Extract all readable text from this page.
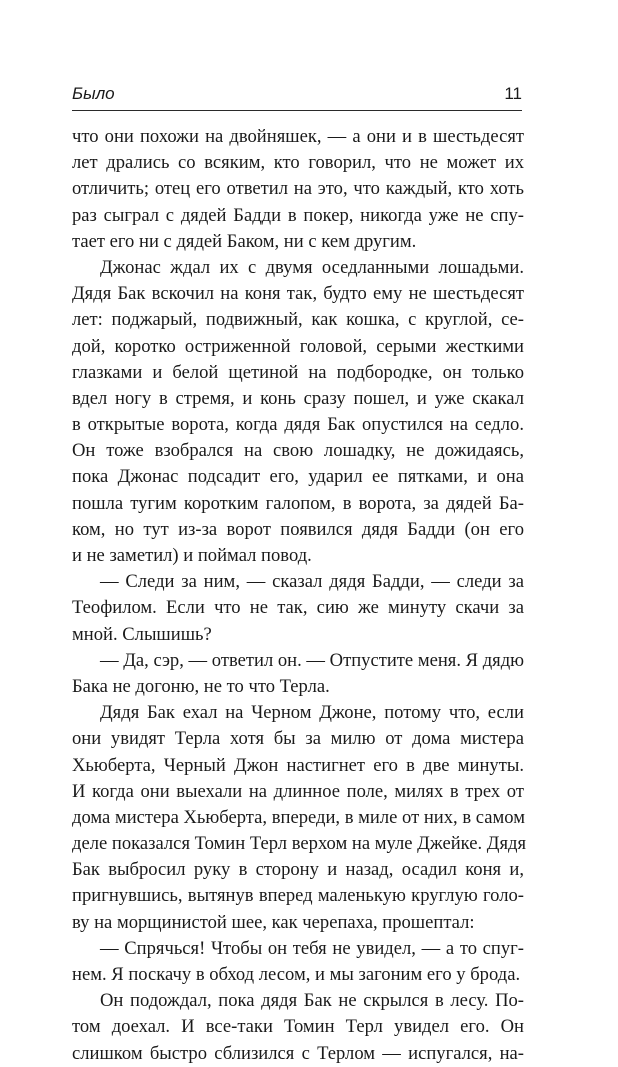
Было	11
что они похожи на двойняшек, — а они и в шестьдесят
лет дрались со всяким, кто говорил, что не может их
отличить; отец его ответил на это, что каждый, кто хоть
раз сыграл с дядей Бадди в покер, никогда уже не спу-
тает его ни с дядей Баком, ни с кем другим.
Джонас ждал их с двумя оседланными лошадьми.
Дядя Бак вскочил на коня так, будто ему не шестьдесят
лет: поджарый, подвижный, как кошка, с круглой, се-
дой, коротко остриженной головой, серыми жесткими
глазками и белой щетиной на подбородке, он только
вдел ногу в стремя, и конь сразу пошел, и уже скакал
в открытые ворота, когда дядя Бак опустился на седло.
Он тоже взобрался на свою лошадку, не дожидаясь,
пока Джонас подсадит его, ударил ее пятками, и она
пошла тугим коротким галопом, в ворота, за дядей Ба-
ком, но тут из-за ворот появился дядя Бадди (он его
и не заметил) и поймал повод.
— Следи за ним, — сказал дядя Бадди, — следи за
Теофилом. Если что не так, сию же минуту скачи за
мной. Слышишь?
— Да, сэр, — ответил он. — Отпустите меня. Я дядю
Бака не догоню, не то что Терла.
Дядя Бак ехал на Черном Джоне, потому что, если
они увидят Терла хотя бы за милю от дома мистера
Хьюберта, Черный Джон настигнет его в две минуты.
И когда они выехали на длинное поле, милях в трех от
дома мистера Хьюберта, впереди, в миле от них, в самом
деле показался Томин Терл верхом на муле Джейке. Дядя
Бак выбросил руку в сторону и назад, осадил коня и,
пригнувшись, вытянув вперед маленькую круглую голо-
ву на морщинистой шее, как черепаха, прошептал:
— Спрячься! Чтобы он тебя не увидел, — а то спуг-
нем. Я поскачу в обход лесом, и мы загоним его у брода.
Он подождал, пока дядя Бак не скрылся в лесу. По-
том доехал. И все-таки Томин Терл увидел его. Он
слишком быстро сблизился с Терлом — испугался, на-
